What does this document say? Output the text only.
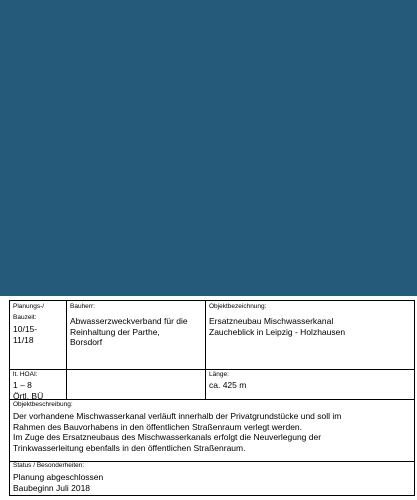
Planungs-/
Bauzeit:
10/15-
11/18
Bauherr:
Abwasserzweckverband für die
Reinhaltung der Parthe,
Borsdorf
Objektbezeichnung:
Ersatzneubau Mischwasserkanal
Zaucheblick in Leipzig - Holzhausen
lt. HOAI:
1 – 8
Örtl. BÜ
Länge:
ca. 425 m
Objektbeschreibung:
Der vorhandene Mischwasserkanal verläuft innerhalb der Privatgrundstücke und soll im
Rahmen des Bauvorhabens in den öffentlichen Straßenraum verlegt werden.
Im Zuge des Ersatzneubaus des Mischwasserkanals erfolgt die Neuverlegung der
Trinkwasserleitung ebenfalls in den öffentlichen Straßenraum.
Status / Besonderheiten:
Planung abgeschlossen
Baubeginn Juli 2018
